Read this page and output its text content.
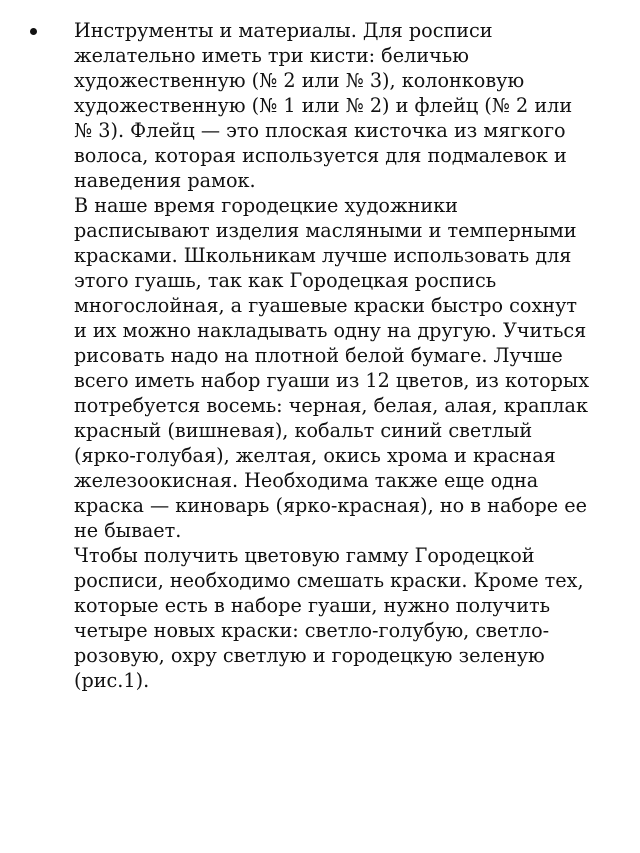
Инструменты и материалы. Для росписи желательно иметь три кисти: беличью художественную (№ 2 или № 3), колонковую художественную (№ 1 или № 2) и флейц (№ 2 или № 3). Флейц — это плоская кисточка из мягкого волоса, которая используется для подмалевок и наведения рамок.
В наше время городецкие художники расписывают изделия масляными и темперными красками. Школьникам лучше использовать для этого гуашь, так как Городецкая роспись многослойная, а гуашевые краски быстро сохнут и их можно накладывать одну на другую. Учиться рисовать надо на плотной белой бумаге. Лучше всего иметь набор гуаши из 12 цветов, из которых потребуется восемь: черная, белая, алая, краплак красный (вишневая), кобальт синий светлый (ярко-голубая), желтая, окись хрома и красная железоокисная. Необходима также еще одна краска — киноварь (ярко-красная), но в наборе ее не бывает.
Чтобы получить цветовую гамму Городецкой росписи, необходимо смешать краски. Кроме тех, которые есть в наборе гуаши, нужно получить четыре новых краски: светло-голубую, светло-розовую, охру светлую и городецкую зеленую (рис.1).
